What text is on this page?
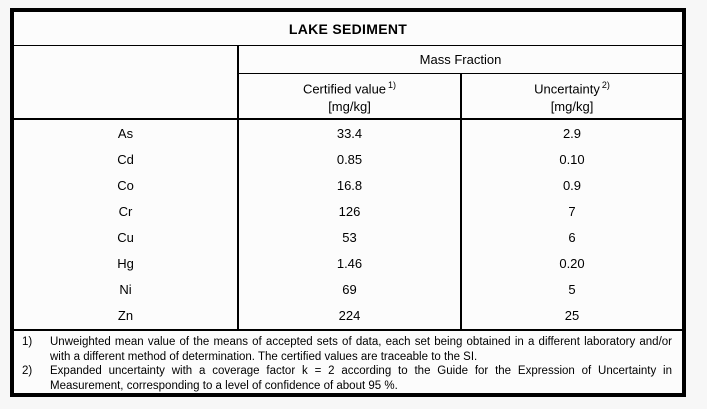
LAKE SEDIMENT
Mass Fraction
Certified value $^{1)}$
[mg/kg]
Uncertainty $^{2)}$
[mg/kg]
As	33.4	2.9
Cd	0.85	0.10
Co	16.8	0.9
Cr	126	7
Cu	53	6
Hg	1.46	0.20
Ni	69	5
Zn	224	25
1)	Unweighted mean value of the means of accepted sets of data, each set being obtained in a different laboratory and/or with a different method of determination. The certified values are traceable to the SI.
2)	Expanded uncertainty with a coverage factor k = 2 according to the Guide for the Expression of Uncertainty in Measurement, corresponding to a level of confidence of about 95 %.
